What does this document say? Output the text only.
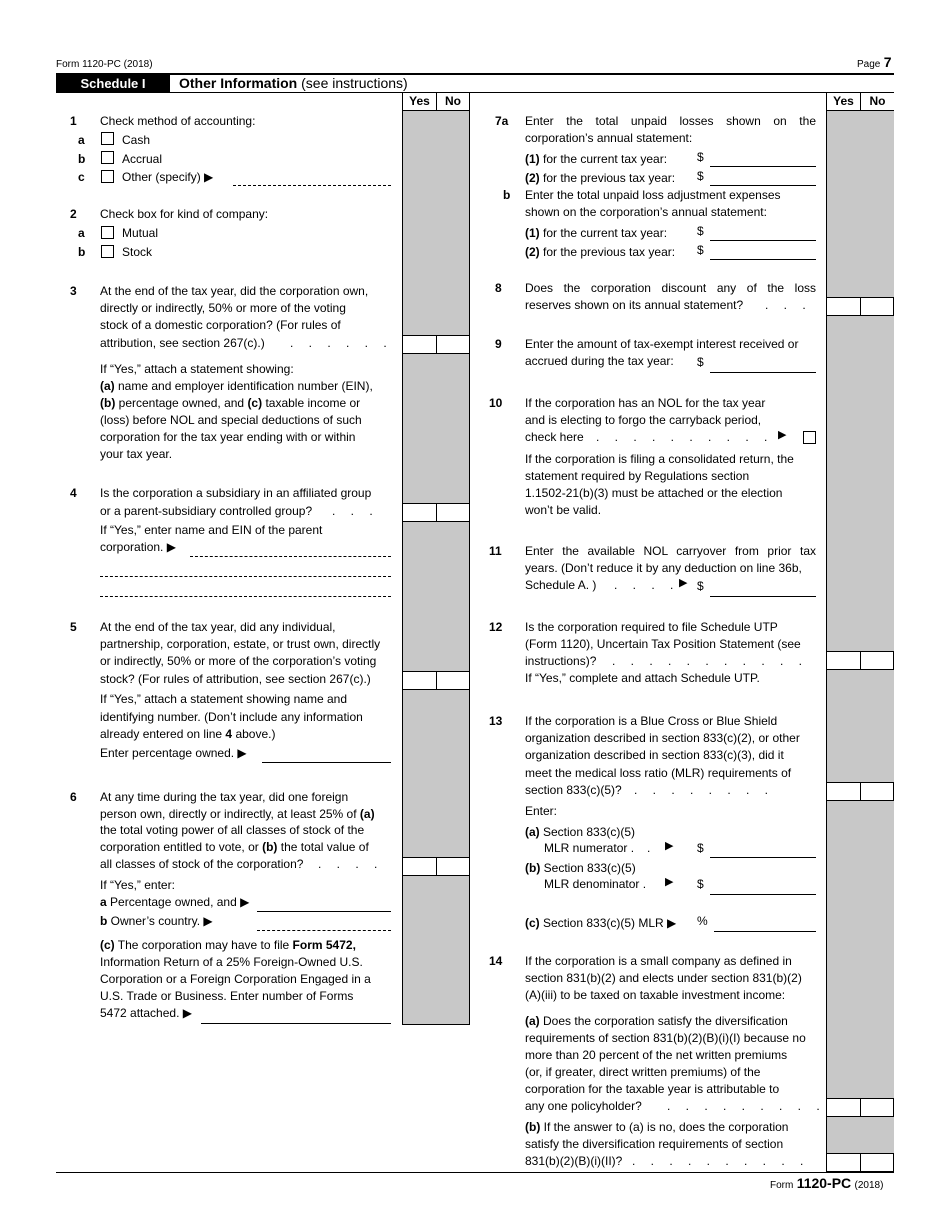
Form 1120-PC (2018)	Page 7
Schedule I	Other Information (see instructions)
Yes	No	Yes	No
1 Check method of accounting:
a	Cash
b	Accrual
c	Other (specify) ▶
2 Check box for kind of company:
a	Mutual
b	Stock
3 At the end of the tax year, did the corporation own,
directly or indirectly, 50% or more of the voting
stock of a domestic corporation? (For rules of
attribution, see section 267(c).) . . . . . .
If “Yes,” attach a statement showing:
(a) name and employer identification number (EIN),
(b) percentage owned, and (c) taxable income or
(loss) before NOL and special deductions of such
corporation for the tax year ending with or within
your tax year.
4 Is the corporation a subsidiary in an affiliated group
or a parent-subsidiary controlled group? . . .
If “Yes,” enter name and EIN of the parent
corporation. ▶
5 At the end of the tax year, did any individual,
partnership, corporation, estate, or trust own, directly
or indirectly, 50% or more of the corporation’s voting
stock? (For rules of attribution, see section 267(c).)
If “Yes,” attach a statement showing name and
identifying number. (Don’t include any information
already entered on line 4 above.)
Enter percentage owned. ▶
6 At any time during the tax year, did one foreign
person own, directly or indirectly, at least 25% of (a)
the total voting power of all classes of stock of the
corporation entitled to vote, or (b) the total value of
all classes of stock of the corporation? . . . .
If “Yes,” enter:
a Percentage owned, and ▶
b Owner’s country. ▶
(c) The corporation may have to file Form 5472,
Information Return of a 25% Foreign-Owned U.S.
Corporation or a Foreign Corporation Engaged in a
U.S. Trade or Business. Enter number of Forms
5472 attached. ▶
7a Enter the total unpaid losses shown on the
corporation’s annual statement:
(1) for the current tax year: $
(2) for the previous tax year: $
b Enter the total unpaid loss adjustment expenses
shown on the corporation’s annual statement:
(1) for the current tax year: $
(2) for the previous tax year: $
8 Does the corporation discount any of the loss
reserves shown on its annual statement? . . .
9 Enter the amount of tax-exempt interest received or
accrued during the tax year: $
10 If the corporation has an NOL for the tax year
and is electing to forgo the carryback period,
check here . . . . . . . . . . ▶
If the corporation is filing a consolidated return, the
statement required by Regulations section
1.1502-21(b)(3) must be attached or the election
won’t be valid.
11 Enter the available NOL carryover from prior tax
years. (Don’t reduce it by any deduction on line 36b,
Schedule A. ) . . . . ▶ $
12 Is the corporation required to file Schedule UTP
(Form 1120), Uncertain Tax Position Statement (see
instructions)? . . . . . . . . . . .
If “Yes,” complete and attach Schedule UTP.
13 If the corporation is a Blue Cross or Blue Shield
organization described in section 833(c)(2), or other
organization described in section 833(c)(3), did it
meet the medical loss ratio (MLR) requirements of
section 833(c)(5)? . . . . . . . .
Enter:
(a) Section 833(c)(5)
MLR numerator . . ▶ $
(b) Section 833(c)(5)
MLR denominator . ▶ $
(c) Section 833(c)(5) MLR ▶ %
14 If the corporation is a small company as defined in
section 831(b)(2) and elects under section 831(b)(2)
(A)(iii) to be taxed on taxable investment income:
(a) Does the corporation satisfy the diversification
requirements of section 831(b)(2)(B)(i)(I) because no
more than 20 percent of the net written premiums
(or, if greater, direct written premiums) of the
corporation for the taxable year is attributable to
any one policyholder? . . . . . . . . .
(b) If the answer to (a) is no, does the corporation
satisfy the diversification requirements of section
831(b)(2)(B)(i)(II)? . . . . . . . . . .
Form 1120-PC (2018)
